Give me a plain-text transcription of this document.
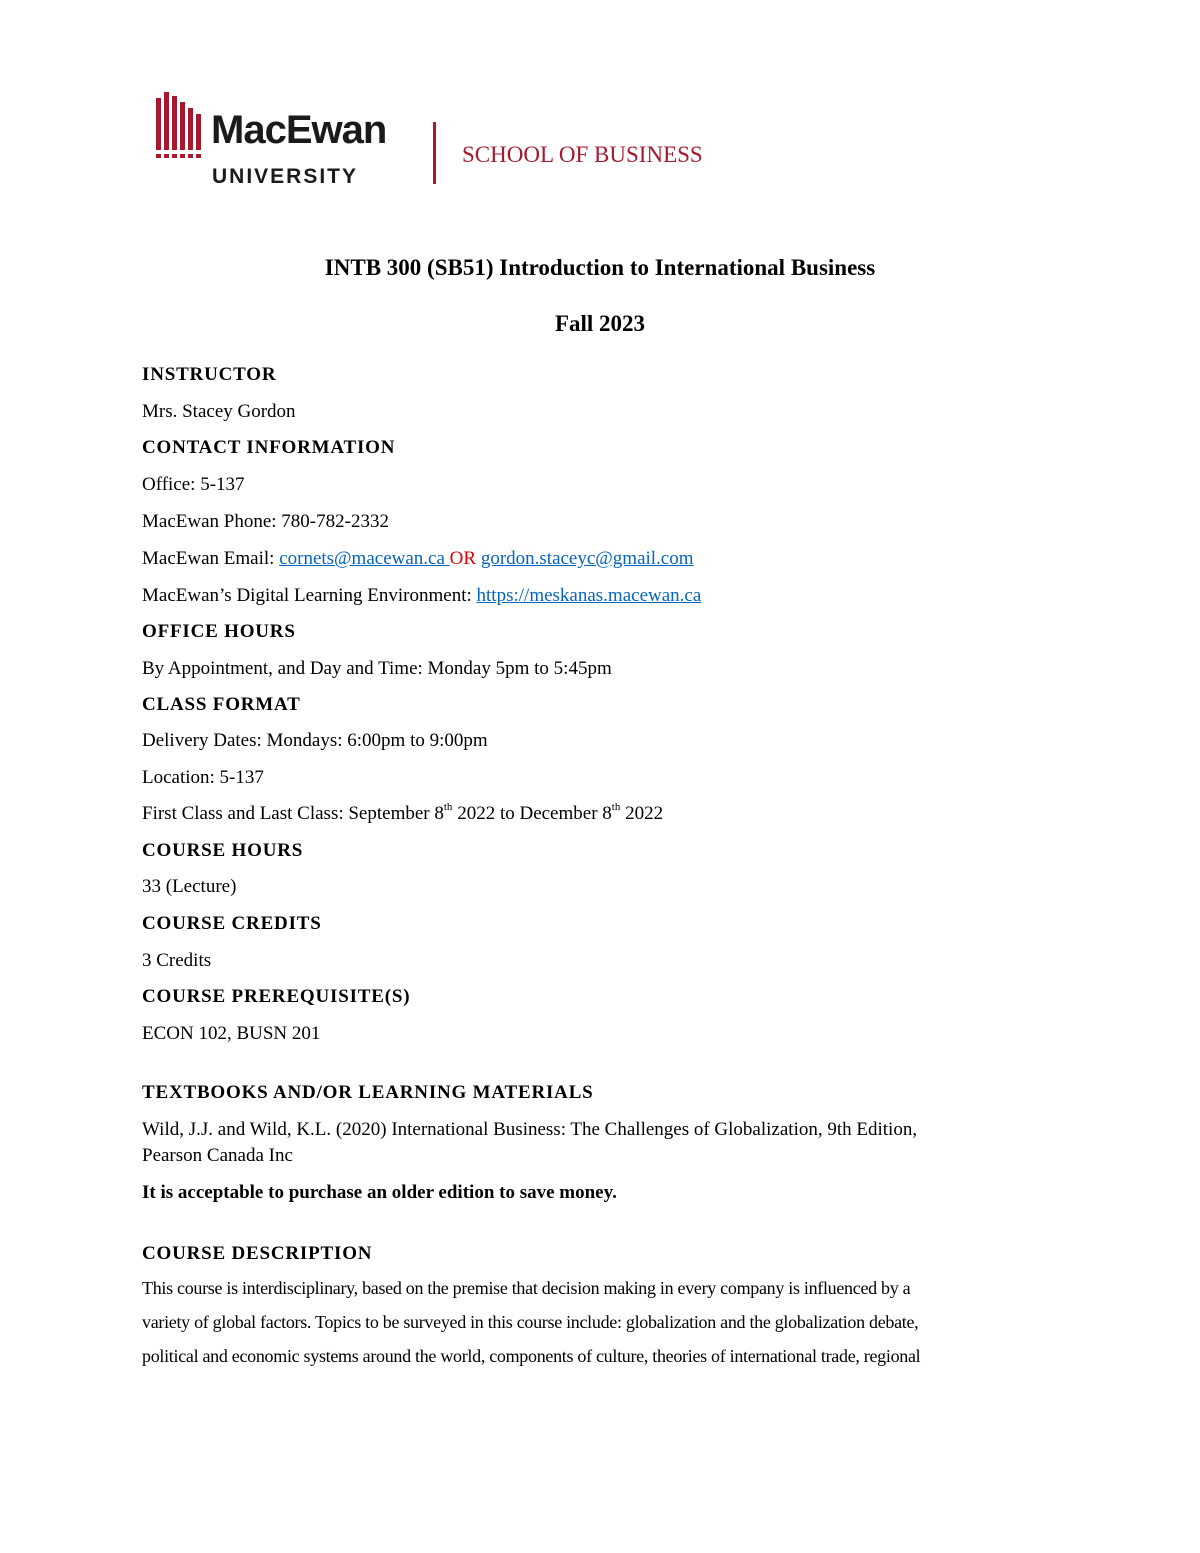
MacEwan
UNIVERSITY
SCHOOL OF BUSINESS
INTB 300 (SB51) Introduction to International Business
Fall 2023
INSTRUCTOR
Mrs. Stacey Gordon
CONTACT INFORMATION
Office: 5-137
MacEwan Phone: 780-782-2332
MacEwan Email: cornets@macewan.ca OR gordon.staceyc@gmail.com
MacEwan’s Digital Learning Environment: https://meskanas.macewan.ca
OFFICE HOURS
By Appointment, and Day and Time: Monday 5pm to 5:45pm
CLASS FORMAT
Delivery Dates: Mondays: 6:00pm to 9:00pm
Location: 5-137
First Class and Last Class: September 8th 2022 to December 8th 2022
COURSE HOURS
33 (Lecture)
COURSE CREDITS
3 Credits
COURSE PREREQUISITE(S)
ECON 102, BUSN 201
TEXTBOOKS AND/OR LEARNING MATERIALS
Wild, J.J. and Wild, K.L. (2020) International Business: The Challenges of Globalization, 9th Edition,
Pearson Canada Inc
It is acceptable to purchase an older edition to save money.
COURSE DESCRIPTION
This course is interdisciplinary, based on the premise that decision making in every company is influenced by a
variety of global factors. Topics to be surveyed in this course include: globalization and the globalization debate,
political and economic systems around the world, components of culture, theories of international trade, regional
